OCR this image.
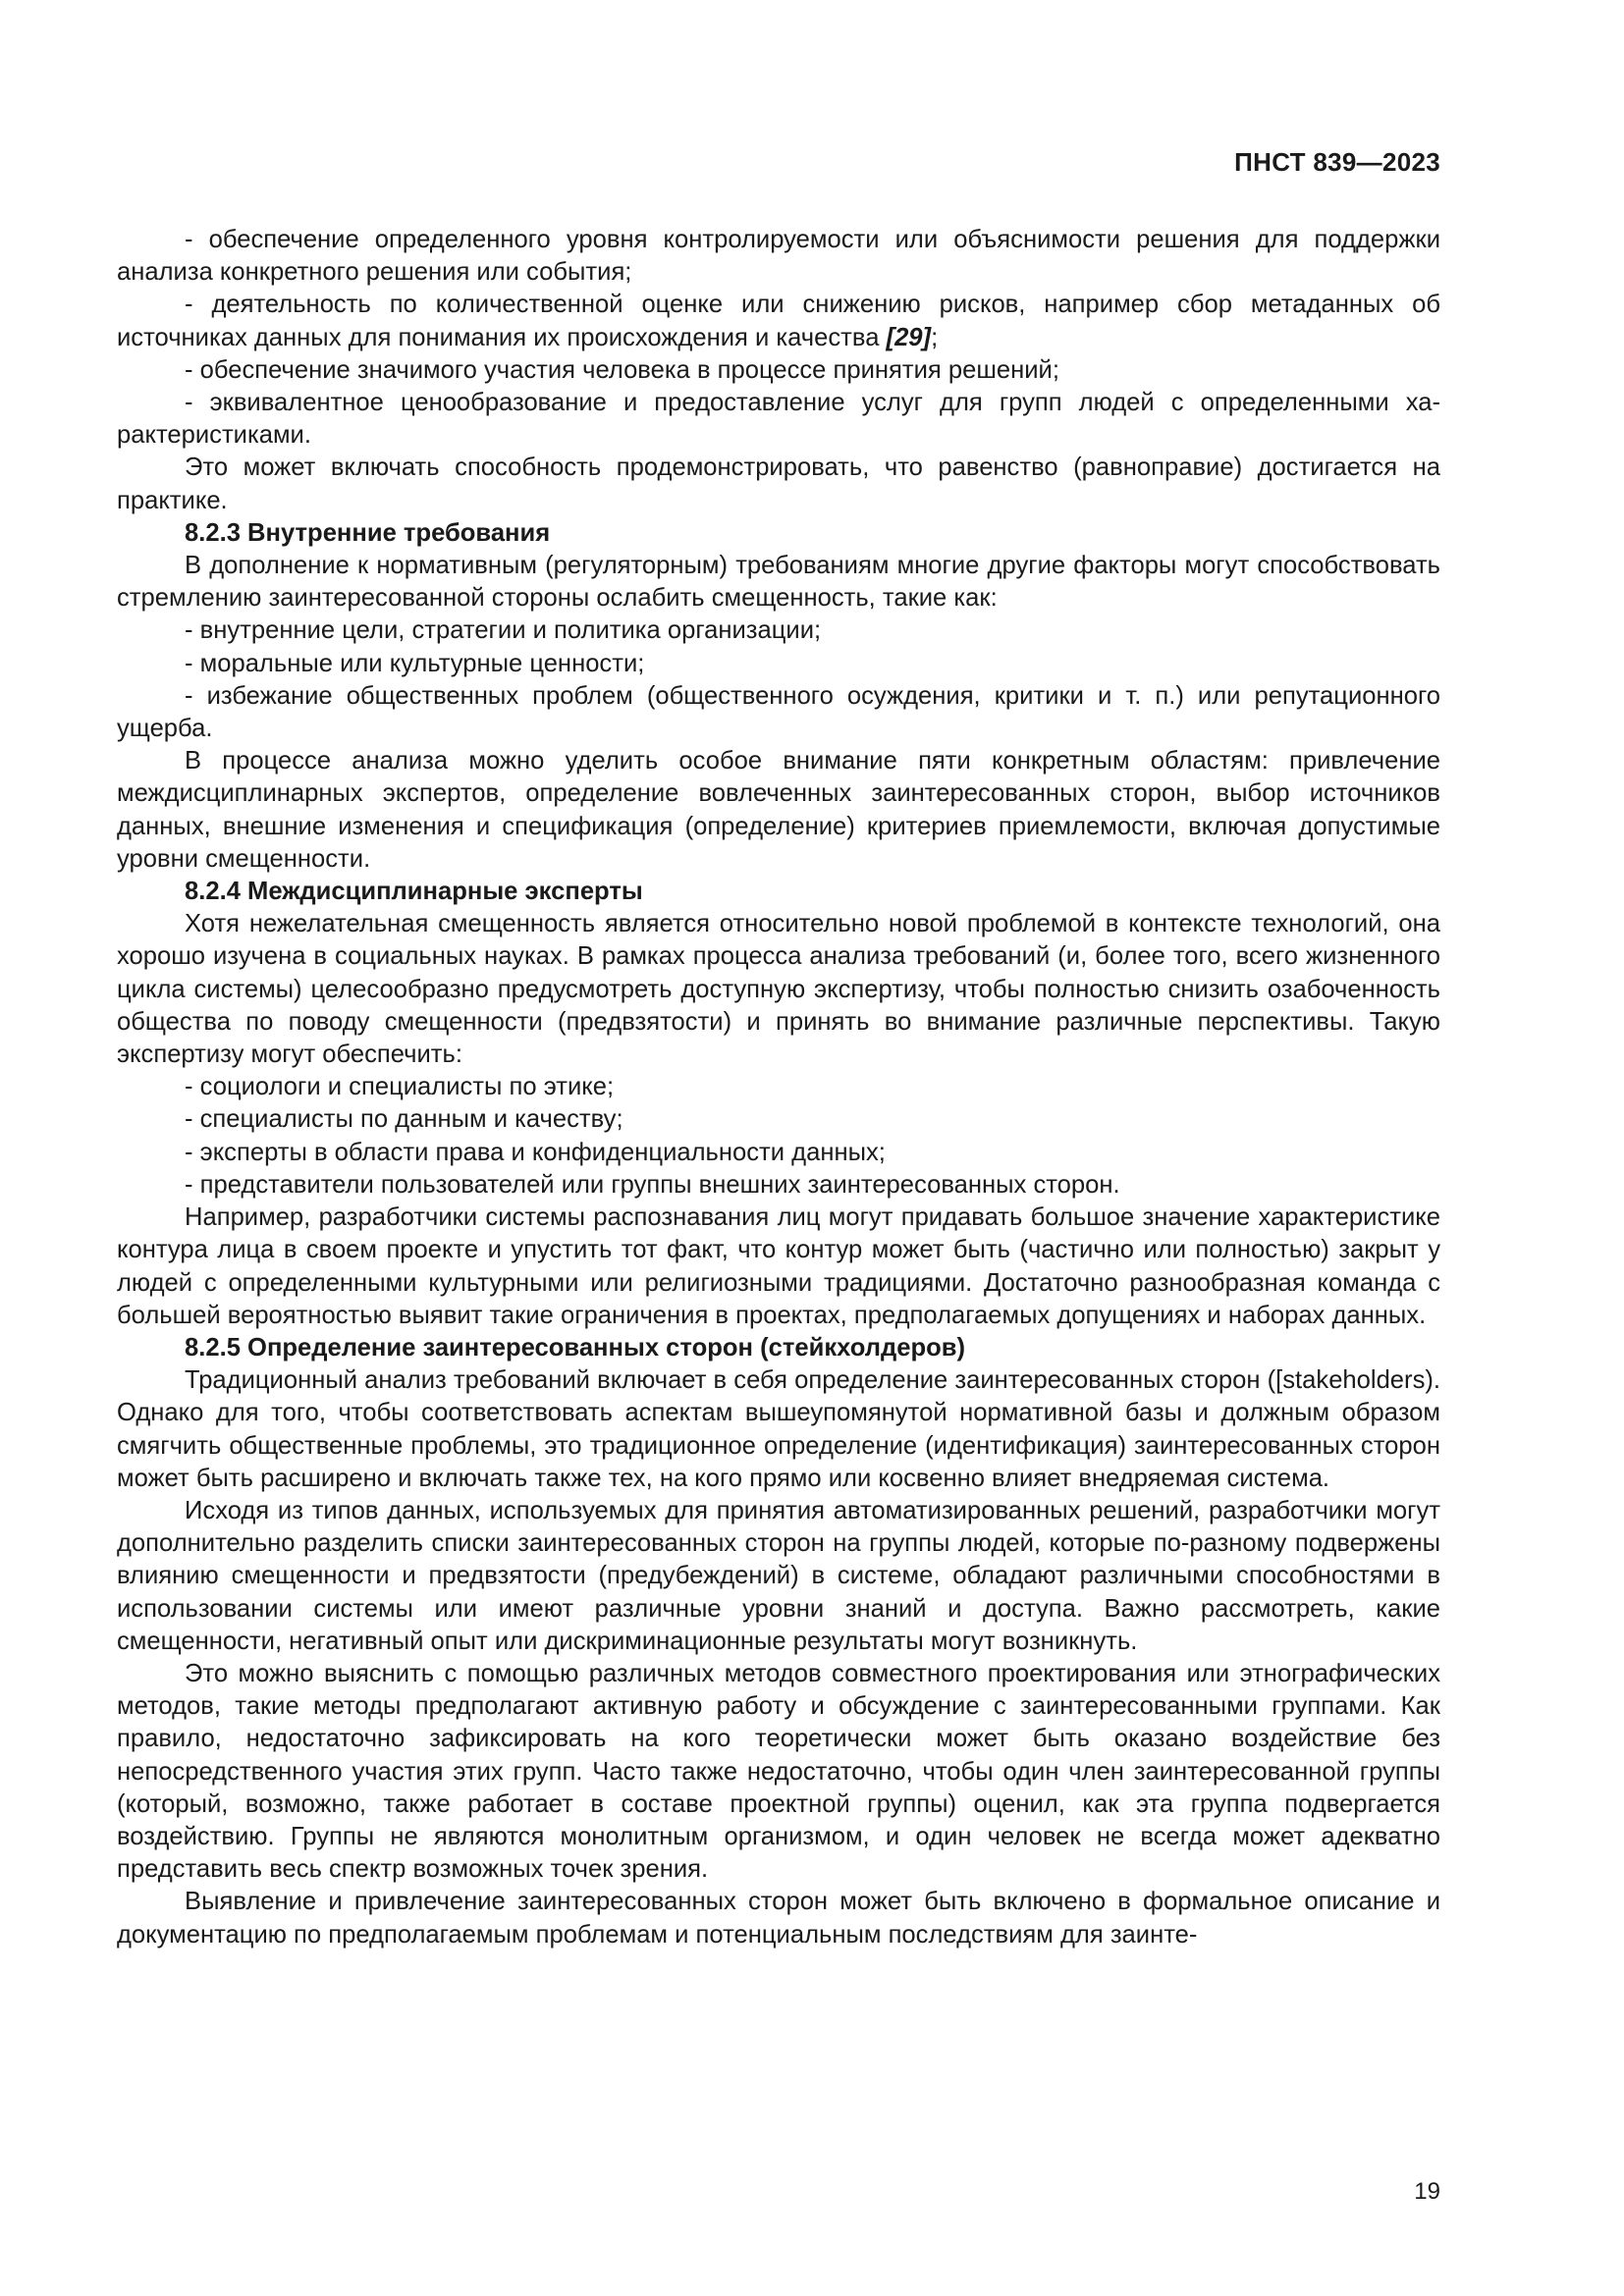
ПНСТ 839—2023

- обеспечение определенного уровня контролируемости или объяснимости решения для поддержки анализа конкретного решения или события;

- деятельность по количественной оценке или снижению рисков, например сбор метаданных об источниках данных для понимания их происхождения и качества [29];

- обеспечение значимого участия человека в процессе принятия решений;

- эквивалентное ценообразование и предоставление услуг для групп людей с определенными характеристиками.

Это может включать способность продемонстрировать, что равенство (равноправие) достигается на практике.

8.2.3 Внутренние требования

В дополнение к нормативным (регуляторным) требованиям многие другие факторы могут способствовать стремлению заинтересованной стороны ослабить смещенность, такие как:

- внутренние цели, стратегии и политика организации;

- моральные или культурные ценности;

- избежание общественных проблем (общественного осуждения, критики и т. п.) или репутационного ущерба.

В процессе анализа можно уделить особое внимание пяти конкретным областям: привлечение междисциплинарных экспертов, определение вовлеченных заинтересованных сторон, выбор источников данных, внешние изменения и спецификация (определение) критериев приемлемости, включая допустимые уровни смещенности.

8.2.4 Междисциплинарные эксперты

Хотя нежелательная смещенность является относительно новой проблемой в контексте технологий, она хорошо изучена в социальных науках. В рамках процесса анализа требований (и, более того, всего жизненного цикла системы) целесообразно предусмотреть доступную экспертизу, чтобы полностью снизить озабоченность общества по поводу смещенности (предвзятости) и принять во внимание различные перспективы. Такую экспертизу могут обеспечить:

- социологи и специалисты по этике;

- специалисты по данным и качеству;

- эксперты в области права и конфиденциальности данных;

- представители пользователей или группы внешних заинтересованных сторон.

Например, разработчики системы распознавания лиц могут придавать большое значение характеристике контура лица в своем проекте и упустить тот факт, что контур может быть (частично или полностью) закрыт у людей с определенными культурными или религиозными традициями. Достаточно разнообразная команда с большей вероятностью выявит такие ограничения в проектах, предполагаемых допущениях и наборах данных.

8.2.5 Определение заинтересованных сторон (стейкхолдеров)

Традиционный анализ требований включает в себя определение заинтересованных сторон ([stakeholders). Однако для того, чтобы соответствовать аспектам вышеупомянутой нормативной базы и должным образом смягчить общественные проблемы, это традиционное определение (идентификация) заинтересованных сторон может быть расширено и включать также тех, на кого прямо или косвенно влияет внедряемая система.

Исходя из типов данных, используемых для принятия автоматизированных решений, разработчики могут дополнительно разделить списки заинтересованных сторон на группы людей, которые по-разному подвержены влиянию смещенности и предвзятости (предубеждений) в системе, обладают различными способностями в использовании системы или имеют различные уровни знаний и доступа. Важно рассмотреть, какие смещенности, негативный опыт или дискриминационные результаты могут возникнуть.

Это можно выяснить с помощью различных методов совместного проектирования или этнографических методов, такие методы предполагают активную работу и обсуждение с заинтересованными группами. Как правило, недостаточно зафиксировать на кого теоретически может быть оказано воздействие без непосредственного участия этих групп. Часто также недостаточно, чтобы один член заинтересованной группы (который, возможно, также работает в составе проектной группы) оценил, как эта группа подвергается воздействию. Группы не являются монолитным организмом, и один человек не всегда может адекватно представить весь спектр возможных точек зрения.

Выявление и привлечение заинтересованных сторон может быть включено в формальное описание и документацию по предполагаемым проблемам и потенциальным последствиям для заинте-

19
